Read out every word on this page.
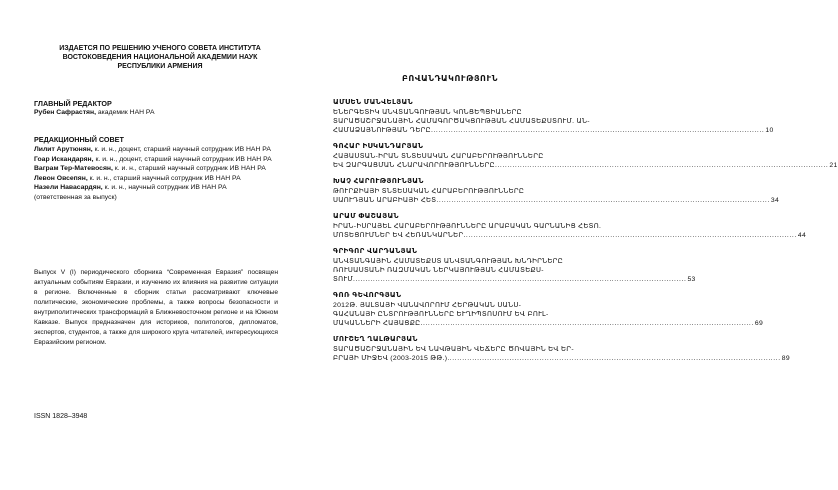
ИЗДАЕТСЯ ПО РЕШЕНИЮ УЧЕНОГО СОВЕТА ИНСТИТУТА
ВОСТОКОВЕДЕНИЯ НАЦИОНАЛЬНОЙ АКАДЕМИИ НАУК
РЕСПУБЛИКИ АРМЕНИЯ
ГЛАВНЫЙ РЕДАКТОР
Рубен Сафрастян, академик НАН РА
РЕДАКЦИОННЫЙ СОВЕТ
Лилит Арутюнян, к. и. н., доцент, старший научный сотрудник ИВ НАН РА
Гоар Искандарян, к. и. н., доцент, старший научный сотрудник ИВ НАН РА
Ваграм Тер-Матевосян, к. и. н., старший научный сотрудник ИВ НАН РА
Левон Овсепян, к. и. н., старший научный сотрудник ИВ НАН РА
Назели Навасардян, к. и. н., научный сотрудник ИВ НАН РА (ответственная за выпуск)
Выпуск V (I) периодического сборника “Современная Евразия” посвящен актуальным событиям Евразии, и изучению их влияния на развитие ситуации в регионе. Включенные в сборник статьи рассматривают ключевые политические, экономические проблемы, а также вопросы безопасности и внутриполитических трансформаций в Ближневосточном регионе и на Южном Кавказе. Выпуск предназначен для историков, политологов, дипломатов, экспертов, студентов, а также для широкого круга читателей, интересующихся Евразийским регионом.
ISSN 1828–3948
ԲՈՎԱՆԴԱԿՈՒԹՅՈՒՆ
ԱՄՍԵՆ ՄԱՆՎԵԼՅԱՆ
ԵՆԵՐԳԵՏԻԿ ԱՆՎՏԱՆԳՈՒԹՅԱՆ ԿՈՆՑԵՊՑԻԱՆԵՐԸ
ՏԱՐԱԾԱՇՐՋԱՆԱՅԻՆ ՀԱՄԱԳՈՐԾԱԿՑՈՒԹՅԱՆ ՀԱՄԱՏԵՔՍՏՈՒՄ. ԱՆ-
ՀԱՄԱՁԱՅՆՈՒԹՅԱՆ ԴԵՐԸ .....	10
ԳՈՀԱՐ ԻՍԿԱՆԴԱՐՅԱՆ
ՀԱՅԱՍՏԱՆ-ԻՐԱՆ ՏՆՏԵՍԱԿԱՆ ՀԱՐԱԲԵՐՈՒԹՅՈՒՆՆԵՐԸ
ԵՎ ԶԱՐԳԱՑՄԱՆ ՀՆԱՐԱՎՈՐՈՒԹՅՈՒՆՆԵՐԸ .....	21
ԽԱՉ ՀԱՐՈՒԹՅՈՒՆՅԱՆ
ԹՈՒՐՔԻԱՅԻ ՏՆՏԵՍԱԿԱՆ ՀԱՐԱԲԵՐՈՒԹՅՈՒՆՆԵՐԸ
ՍԱՈՒԴՅԱՆ ԱՐԱԲԻԱՅԻ ՀԵՏ .....	34
ԱՐԱՄ ՓԱՇԱՅԱՆ
ԻՐԱՆ-ԻՍՐԱՅԵԼ ՀԱՐԱԲԵՐՈՒԹՅՈՒՆՆԵՐԸ ԱՐԱԲԱԿԱՆ ԳԱՐՆԱՆԻՑ ՀԵՏՈ.
ՄՈՏԵՑՈՒՄՆԵՐ ԵՎ ՀԵՌԱՆԿԱՐՆԵՐ .....	44
ԳՐԻԳՈՐ ՎԱՐԴԱՆՅԱՆ
ԱՆՎՏԱՆԳԱՅԻՆ ՀԱՄԱՏԵՔՍՏ ԱՆՎՏԱՆԳՈՒԹՅԱՆ ԽՆԴԻՐՆԵՐԸ
ՌՈՒՍԱՍՏԱՆԻ ՌԱԶՄԱԿԱՆ ՆԵՐԿԱՅՈՒԹՅԱՆ ՀԱՄԱՏԵՔՍ-
ՏՈՒՄ .....	53
ԳՈՌ ԳԵՎՈՐԳՅԱՆ
2012Թ. ՅԱԼՏԱՅԻ ՎԱՆԱՎՈՐՈՒՄ ՀԵՐԹԱԿԱՆ ՍԱՆՍ-
ԳԱՀԱՆԱՅԻ ԸՆՏՐՈՒԹՅՈՒՆՆԵՐԸ ԵՒՂԻՊՏՈՍՈՒՄ ԵՎ ԲՈՒԼ-
ՄԱԿԱՆՆԵՐԻ ՀԱՅԱՑՔԸ .....	69
ՄՈՒՇԵՂ ՂԱԼԹԱՐՅԱՆ
ՏԱՐԱԾԱՇՐՋԱՆԱՅԻՆ ԵՎ ՆԱՎԹԱՅԻՆ ՎԵՃԵՐԸ ԾՈՎԱՅԻՆ ԵՎ ԵՐ-
ԲՐԱՅԻ ՄԻՋԵՎ (2003-2015 ԹԹ.) .....	89
